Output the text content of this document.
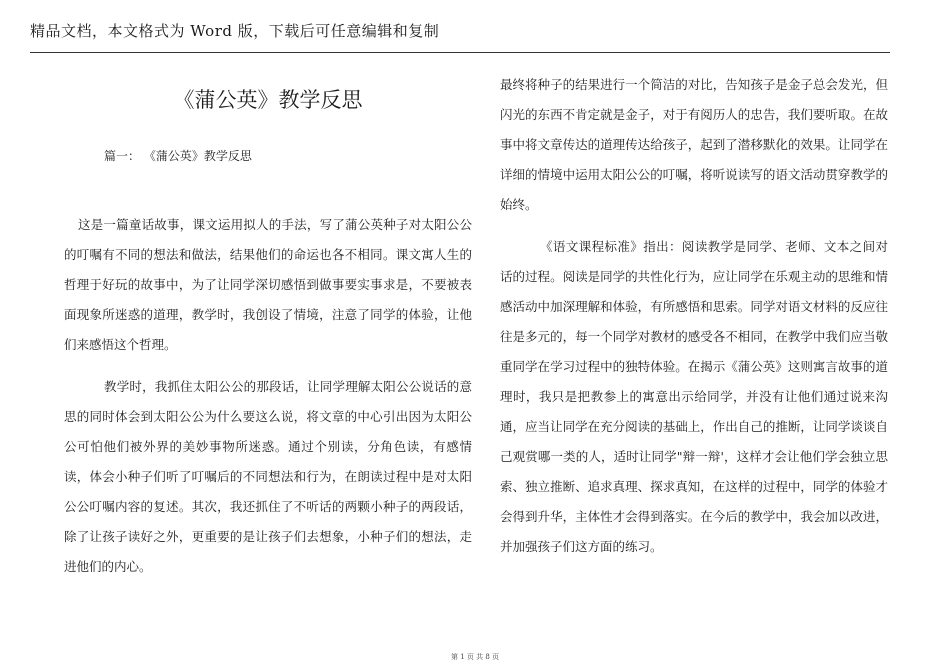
精品文档，本文格式为 Word 版，下载后可任意编辑和复制
《蒲公英》教学反思
篇一： 《蒲公英》教学反思

这是一篇童话故事，课文运用拟人的手法，写了蒲公英种子对太阳公公的叮嘱有不同的想法和做法，结果他们的命运也各不相同。课文寓人生的哲理于好玩的故事中，为了让同学深切感悟到做事要实事求是，不要被表面现象所迷惑的道理，教学时，我创设了情境，注意了同学的体验，让他们来感悟这个哲理。

教学时，我抓住太阳公公的那段话，让同学理解太阳公公说话的意思的同时体会到太阳公公为什么要这么说，将文章的中心引出因为太阳公公可怕他们被外界的美妙事物所迷惑。通过个别读，分角色读，有感情读，体会小种子们听了叮嘱后的不同想法和行为，在朗读过程中是对太阳公公叮嘱内容的复述。其次，我还抓住了不听话的两颗小种子的两段话，除了让孩子读好之外，更重要的是让孩子们去想象，小种子们的想法，走进他们的内心。

最终将种子的结果进行一个简洁的对比，告知孩子是金子总会发光，但闪光的东西不肯定就是金子，对于有阅历人的忠告，我们要听取。在故事中将文章传达的道理传达给孩子，起到了潜移默化的效果。让同学在详细的情境中运用太阳公公的叮嘱，将听说读写的语文活动贯穿教学的始终。

《语文课程标准》指出：阅读教学是同学、老师、文本之间对话的过程。阅读是同学的共性化行为，应让同学在乐观主动的思维和情感活动中加深理解和体验，有所感悟和思索。同学对语文材料的反应往往是多元的，每一个同学对教材的感受各不相同，在教学中我们应当敬重同学在学习过程中的独特体验。在揭示《蒲公英》这则寓言故事的道理时，我只是把教参上的寓意出示给同学，并没有让他们通过说来沟通，应当让同学在充分阅读的基础上，作出自己的推断，让同学谈谈自己观赏哪一类的人，适时让同学"辩一辩'，这样才会让他们学会独立思索、独立推断、追求真理、探求真知，在这样的过程中，同学的体验才会得到升华，主体性才会得到落实。在今后的教学中，我会加以改进，并加强孩子们这方面的练习。

第 1 页 共 8 页
